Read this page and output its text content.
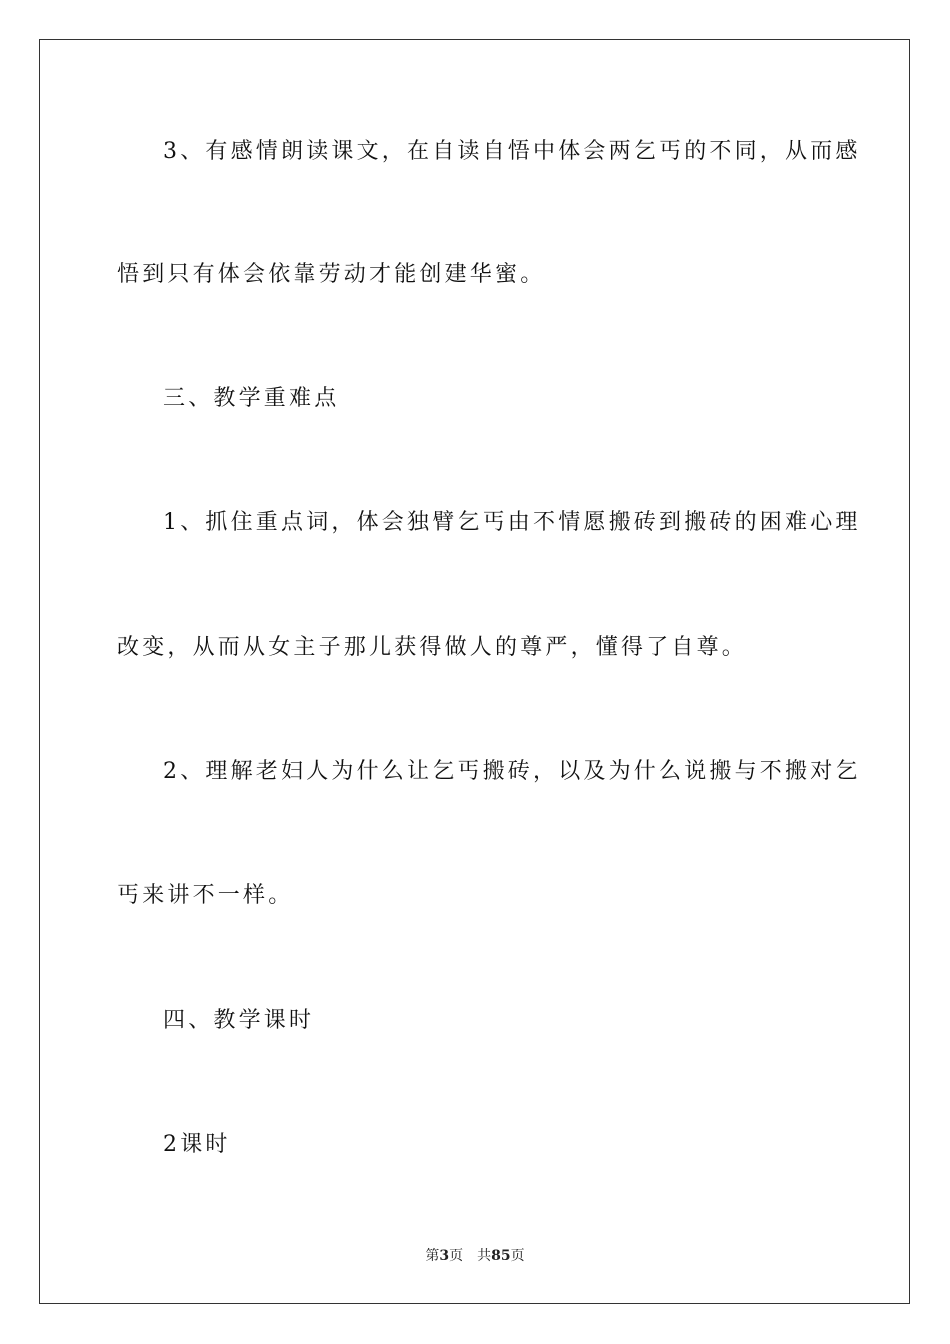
3、有感情朗读课文，在自读自悟中体会两乞丐的不同，从而感
悟到只有体会依靠劳动才能创建华蜜。
三、教学重难点
1、抓住重点词，体会独臂乞丐由不情愿搬砖到搬砖的困难心理
改变，从而从女主子那儿获得做人的尊严，懂得了自尊。
2、理解老妇人为什么让乞丐搬砖，以及为什么说搬与不搬对乞
丐来讲不一样。
四、教学课时
2课时
第3页 共85页
